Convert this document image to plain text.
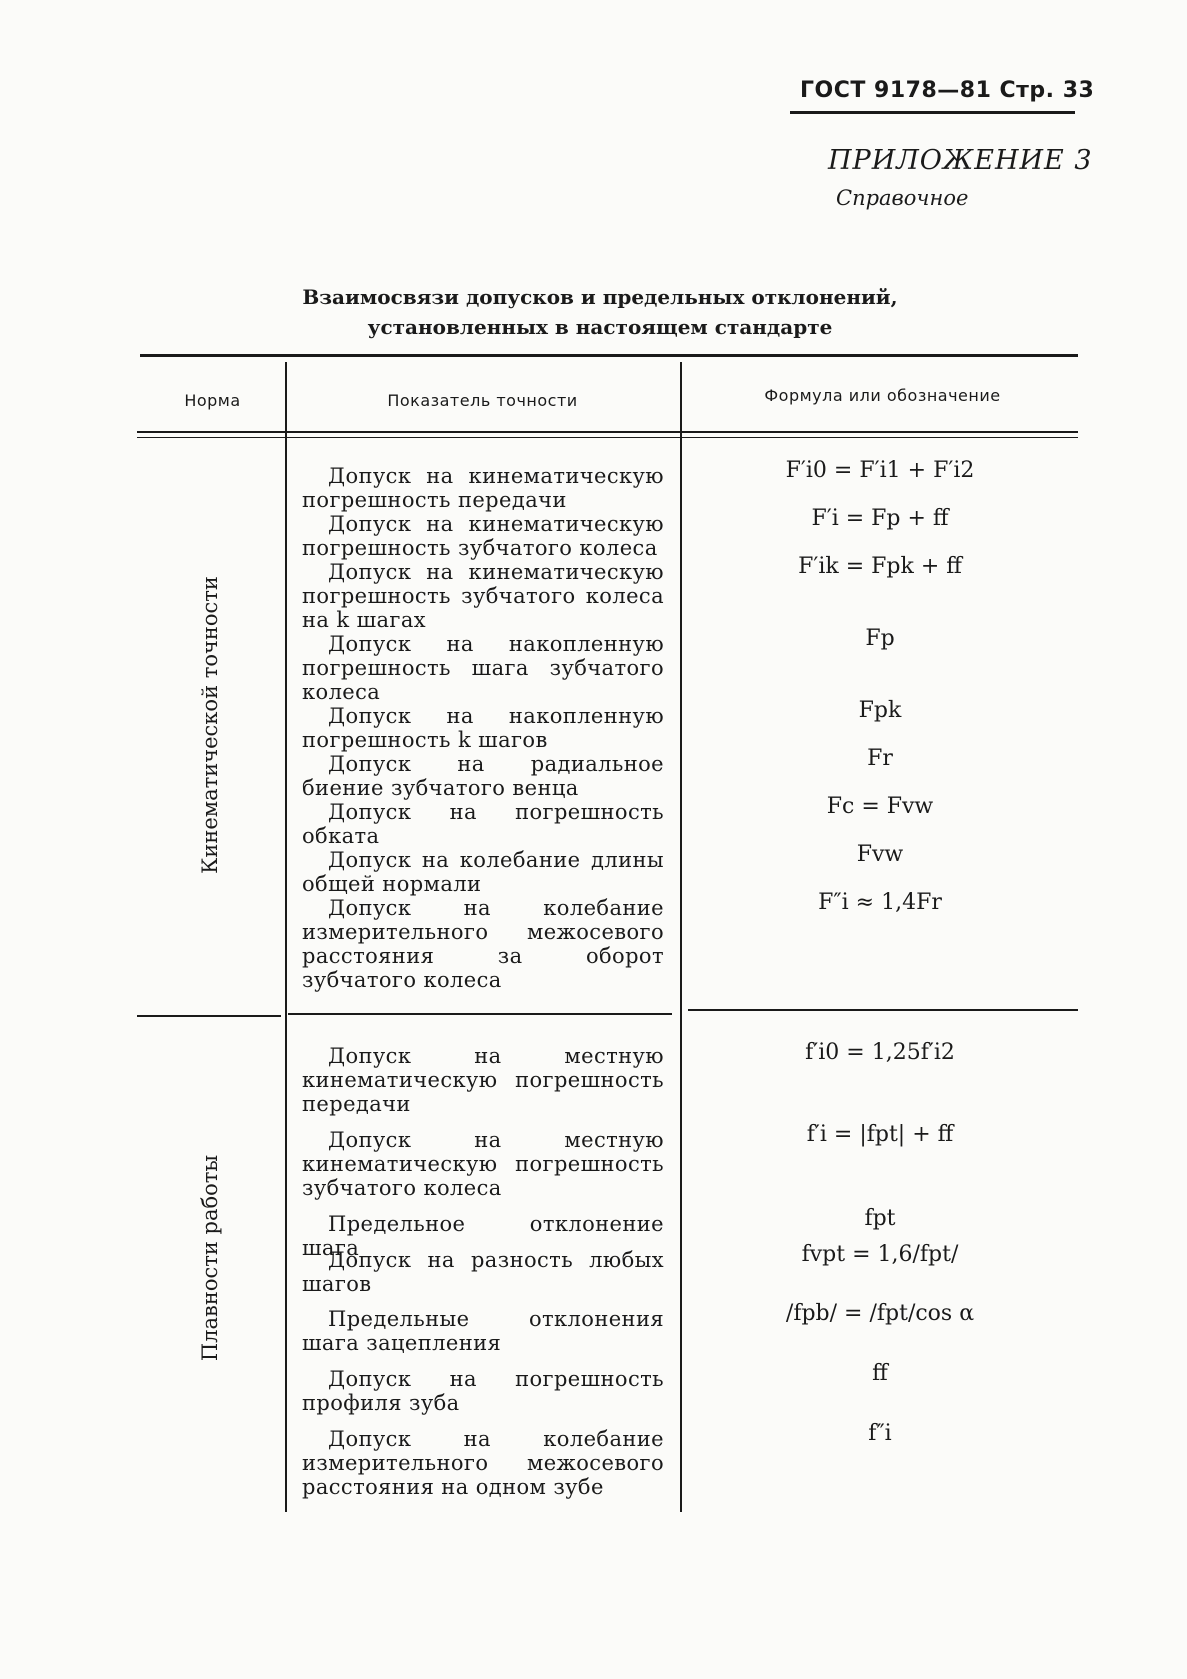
ГОСТ 9178—81 Стр. 33
ПРИЛОЖЕНИЕ 3
Справочное
Взаимосвязи допусков и предельных отклонений,
установленных в настоящем стандарте
Норма	Показатель точности	Формула или обозначение
Кинематической точности
Плавности работы
Допуск на кинематическую погрешность передачи
Допуск на кинематическую погрешность зубчатого колеса
Допуск на кинематическую погрешность зубчатого колеса на k шагах
Допуск на накопленную погрешность шага зубчатого колеса
Допуск на накопленную погрешность k шагов
Допуск на радиальное биение зубчатого венца
Допуск на погрешность обката
Допуск на колебание длины общей нормали
Допуск на колебание измерительного межосевого расстояния за оборот зубчатого колеса
F′i0 = F′i1 + F′i2
F′i = Fp + ff
F′ik = Fpk + ff
Fp
Fpk
Fr
Fc = Fvw
Fvw
F″i ≈ 1,4Fr
Допуск на местную кинематическую погрешность передачи
Допуск на местную кинематическую погрешность зубчатого колеса
Предельное отклонение шага
Допуск на разность любых шагов
Предельные отклонения шага зацепления
Допуск на погрешность профиля зуба
Допуск на колебание измерительного межосевого расстояния на одном зубе
f′i0 = 1,25f′i2
f′i = |fpt| + ff
fpt
fvpt = 1,6/fpt/
/fpb/ = /fpt/cos α
ff
f″i
